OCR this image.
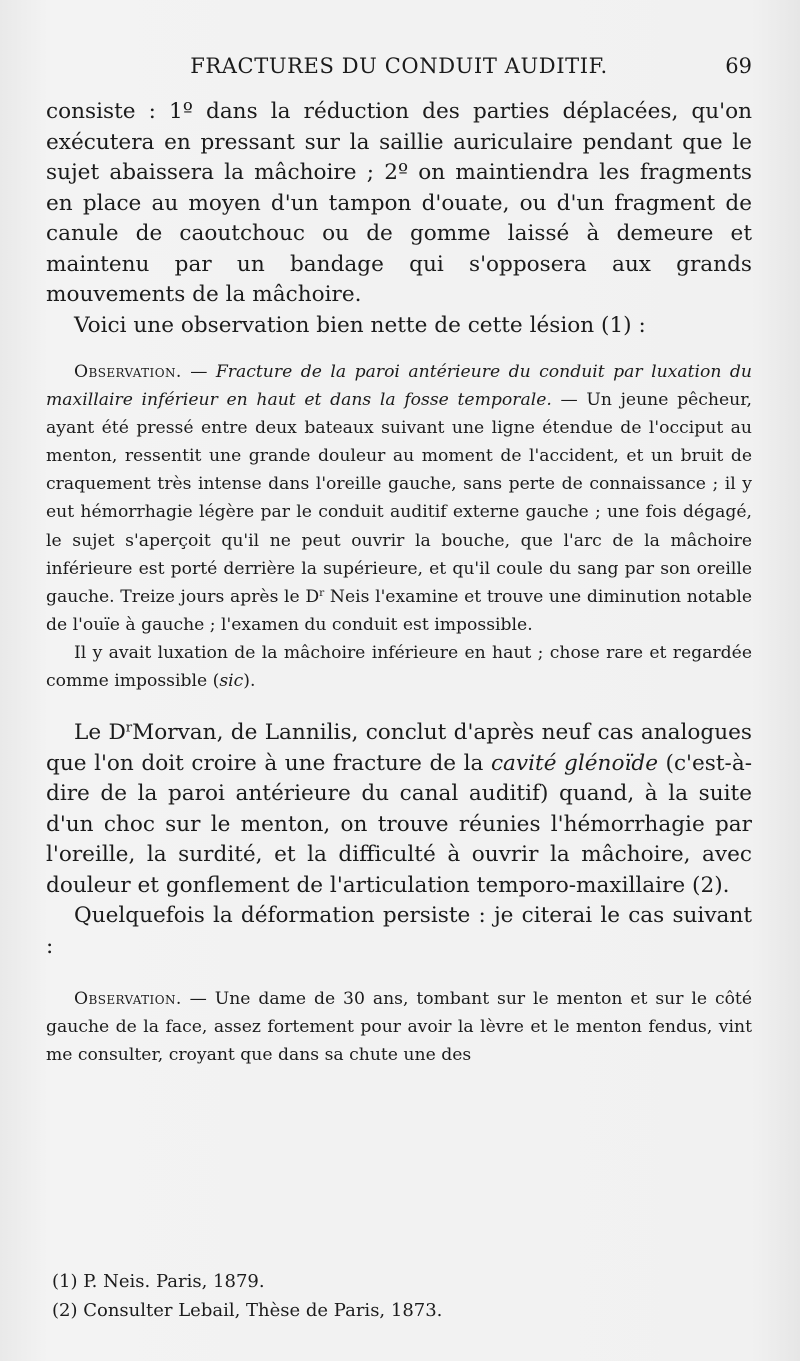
FRACTURES DU CONDUIT AUDITIF.	69

consiste : 1º dans la réduction des parties déplacées, qu'on exécutera en pressant sur la saillie auriculaire pendant que le sujet abaissera la mâchoire ; 2º on maintiendra les fragments en place au moyen d'un tampon d'ouate, ou d'un fragment de canule de caoutchouc ou de gomme laissé à demeure et maintenu par un bandage qui s'opposera aux grands mouvements de la mâchoire.

Voici une observation bien nette de cette lésion (1) :

Observation. — Fracture de la paroi antérieure du conduit par luxation du maxillaire inférieur en haut et dans la fosse temporale. — Un jeune pêcheur, ayant été pressé entre deux bateaux suivant une ligne étendue de l'occiput au menton, ressentit une grande douleur au moment de l'accident, et un bruit de craquement très intense dans l'oreille gauche, sans perte de connaissance ; il y eut hémorrhagie légère par le conduit auditif externe gauche ; une fois dégagé, le sujet s'aperçoit qu'il ne peut ouvrir la bouche, que l'arc de la mâchoire inférieure est porté derrière la supérieure, et qu'il coule du sang par son oreille gauche. Treize jours après le $D^r$ Neis l'examine et trouve une diminution notable de l'ouïe à gauche ; l'examen du conduit est impossible.

Il y avait luxation de la mâchoire inférieure en haut ; chose rare et regardée comme impossible (sic).

Le $D^rMorvan$, de Lannilis, conclut d'après neuf cas analogues que l'on doit croire à une fracture de la cavité glénoïde (c'est-à-dire de la paroi antérieure du canal auditif) quand, à la suite d'un choc sur le menton, on trouve réunies l'hémorrhagie par l'oreille, la surdité, et la difficulté à ouvrir la mâchoire, avec douleur et gonflement de l'articulation temporo-maxillaire (2).

Quelquefois la déformation persiste : je citerai le cas suivant :

Observation. — Une dame de 30 ans, tombant sur le menton et sur le côté gauche de la face, assez fortement pour avoir la lèvre et le menton fendus, vint me consulter, croyant que dans sa chute une des

(1) P. Neis. Paris, 1879.
(2) Consulter Lebail, Thèse de Paris, 1873.
